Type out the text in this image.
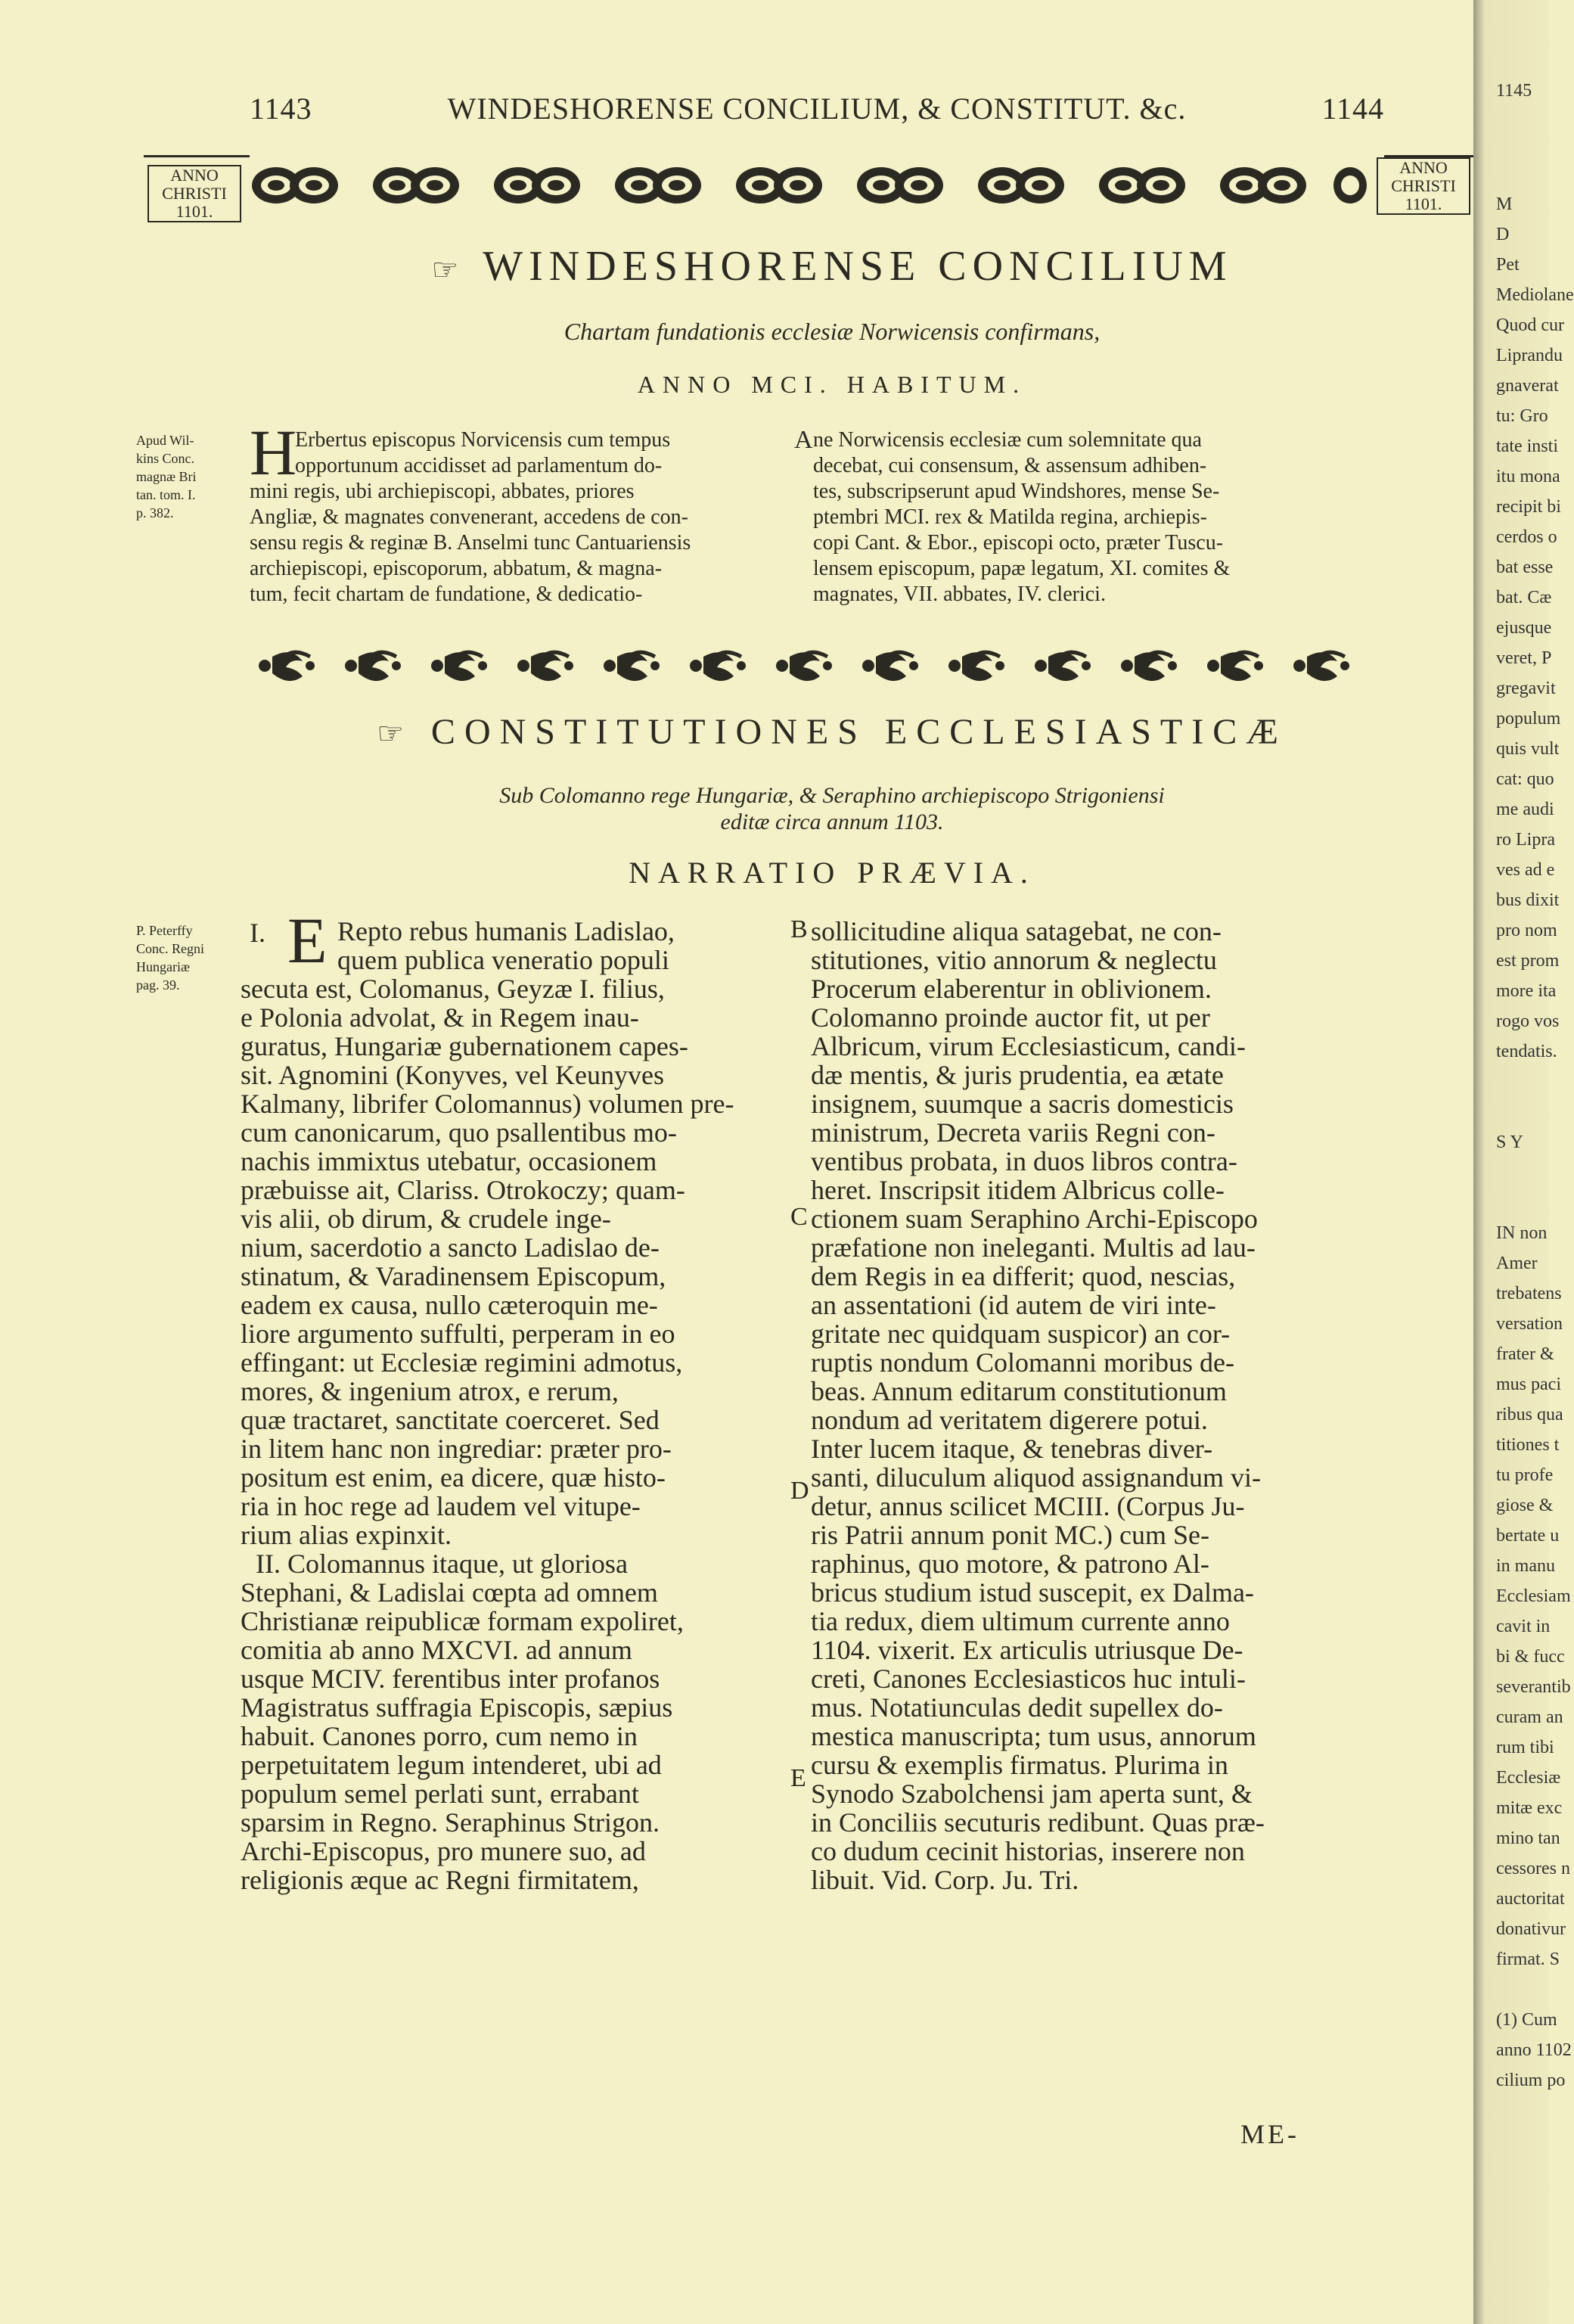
1143	WINDESHORENSE CONCILIUM, & CONSTITUT. &c.	1144
ANNO
CHRISTI
1101.
ANNO
CHRISTI
1101.
☞ WINDESHORENSE CONCILIUM
Chartam fundationis ecclesiæ Norwicensis confirmans,
ANNO MCI. HABITUM.
Apud Wil-
kins Conc.
magnæ Bri
tan. tom. I.
p. 382.
H
Erbertus episcopus Norvicensis cum tempus
opportunum accidisset ad parlamentum do-
mini regis, ubi archiepiscopi, abbates, priores
Angliæ, & magnates convenerant, accedens de con-
sensu regis & reginæ B. Anselmi tunc Cantuariensis
archiepiscopi, episcoporum, abbatum, & magna-
tum, fecit chartam de fundatione, & dedicatio-
A ne Norwicensis ecclesiæ cum solemnitate qua
decebat, cui consensum, & assensum adhiben-
tes, subscripserunt apud Windshores, mense Se-
ptembri MCI. rex & Matilda regina, archiepis-
copi Cant. & Ebor., episcopi octo, præter Tuscu-
lensem episcopum, papæ legatum, XI. comites &
magnates, VII. abbates, IV. clerici.
☞ CONSTITUTIONES ECCLESIASTICÆ
Sub Colomanno rege Hungariæ, & Seraphino archiepiscopo Strigoniensi
editæ circa annum 1103.
NARRATIO PRÆVIA.
P. Peterffy
Conc. Regni
Hungariæ
pag. 39.
I. E Repto rebus humanis Ladislao,
quem publica veneratio populi
secuta est, Colomanus, Geyzæ I. filius,
e Polonia advolat, & in Regem inau-
guratus, Hungariæ gubernationem capes-
sit. Agnomini (Konyves, vel Keunyves
Kalmany, librifer Colomannus) volumen pre-
cum canonicarum, quo psallentibus mo-
nachis immixtus utebatur, occasionem
præbuisse ait, Clariss. Otrokoczy; quam-
vis alii, ob dirum, & crudele inge-
nium, sacerdotio a sancto Ladislao de-
stinatum, & Varadinensem Episcopum,
eadem ex causa, nullo cæteroquin me-
liore argumento suffulti, perperam in eo
effingant: ut Ecclesiæ regimini admotus,
mores, & ingenium atrox, e rerum,
quæ tractaret, sanctitate coerceret. Sed
in litem hanc non ingrediar: præter pro-
positum est enim, ea dicere, quæ histo-
ria in hoc rege ad laudem vel vitupe-
rium alias expinxit.
II. Colomannus itaque, ut gloriosa
Stephani, & Ladislai cœpta ad omnem
Christianæ reipublicæ formam expoliret,
comitia ab anno MXCVI. ad annum
usque MCIV. ferentibus inter profanos
Magistratus suffragia Episcopis, sæpius
habuit. Canones porro, cum nemo in
perpetuitatem legum intenderet, ubi ad
populum semel perlati sunt, errabant
sparsim in Regno. Seraphinus Strigon.
Archi-Episcopus, pro munere suo, ad
religionis æque ac Regni firmitatem,
B
C
D
E
sollicitudine aliqua satagebat, ne con-
stitutiones, vitio annorum & neglectu
Procerum elaberentur in oblivionem.
Colomanno proinde auctor fit, ut per
Albricum, virum Ecclesiasticum, candi-
dæ mentis, & juris prudentia, ea ætate
insignem, suumque a sacris domesticis
ministrum, Decreta variis Regni con-
ventibus probata, in duos libros contra-
heret. Inscripsit itidem Albricus colle-
ctionem suam Seraphino Archi-Episcopo
præfatione non ineleganti. Multis ad lau-
dem Regis in ea differit; quod, nescias,
an assentationi (id autem de viri inte-
gritate nec quidquam suspicor) an cor-
ruptis nondum Colomanni moribus de-
beas. Annum editarum constitutionum
nondum ad veritatem digerere potui.
Inter lucem itaque, & tenebras diver-
santi, diluculum aliquod assignandum vi-
detur, annus scilicet MCIII. (Corpus Ju-
ris Patrii annum ponit MC.) cum Se-
raphinus, quo motore, & patrono Al-
bricus studium istud suscepit, ex Dalma-
tia redux, diem ultimum currente anno
1104. vixerit. Ex articulis utriusque De-
creti, Canones Ecclesiasticos huc intuli-
mus. Notatiunculas dedit supellex do-
mestica manuscripta; tum usus, annorum
cursu & exemplis firmatus. Plurima in
Synodo Szabolchensi jam aperta sunt, &
in Conciliis secuturis redibunt. Quas præ-
co dudum cecinit historias, inserere non
libuit. Vid. Corp. Ju. Tri.
ME-
1145
M
D
Pet
Mediolane
Quod cur
Liprandu
gnaverat
tu: Gro
tate insti
itu mona
recipit bi
cerdos o
bat esse
bat. Cæ
ejusque
veret, P
gregavit
populum
quis vult
cat: quo
me audi
ro Lipra
ves ad e
bus dixit
pro nom
est prom
more ita
rogo vos
tendatis.
S Y
IN non
Amer
trebatens
versation
frater &
mus paci
ribus qua
titiones t
tu profe
giose &
bertate u
in manu
Ecclesiam
cavit in
bi & fucc
severantib
curam an
rum tibi
Ecclesiæ
mitæ exc
mino tan
cessores n
auctoritat
donativur
firmat. S
(1) Cum
anno 1102
cilium po
